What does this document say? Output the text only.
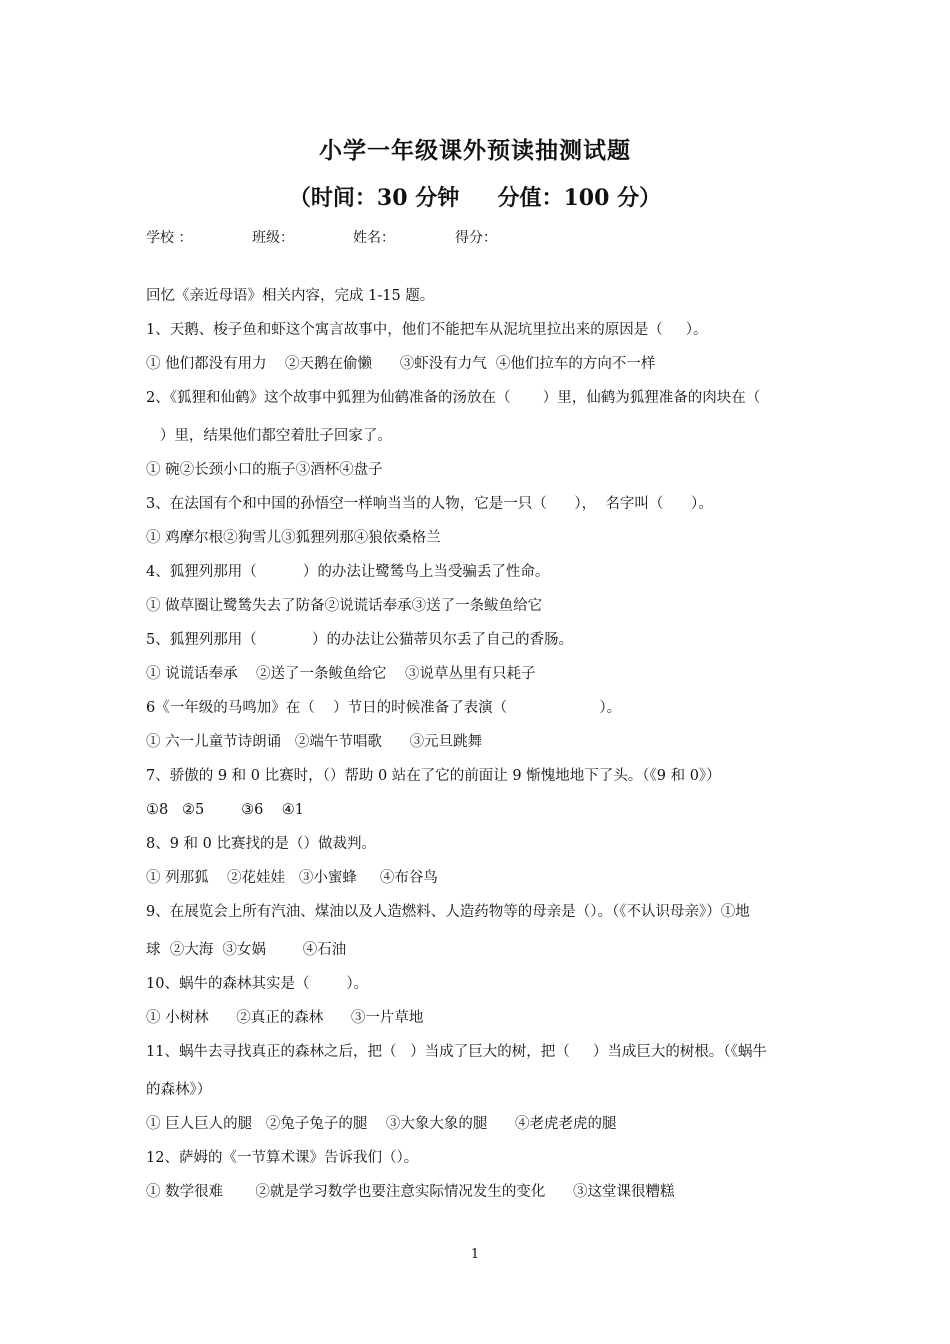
小学一年级课外预读抽测试题
（时间：30 分钟     分值：100 分）
学校 ：	班级：	姓名：	得分：
回忆《亲近母语》相关内容，完成 1-15 题。
1、天鹅、梭子鱼和虾这个寓言故事中，他们不能把车从泥坑里拉出来的原因是（     ）。
① 他们都没有用力    ②天鹅在偷懒      ③虾没有力气  ④他们拉车的方向不一样
2、《狐狸和仙鹤》这个故事中狐狸为仙鹤准备的汤放在（       ）里，仙鹤为狐狸准备的肉块在（
）里，结果他们都空着肚子回家了。
① 碗②长颈小口的瓶子③酒杯④盘子
3、在法国有个和中国的孙悟空一样响当当的人物，它是一只（      ），  名字叫（      ）。
① 鸡摩尔根②狗雪儿③狐狸列那④狼依桑格兰
4、狐狸列那用（          ）的办法让鹭鸶鸟上当受骗丢了性命。
① 做草圈让鹭鸶失去了防备②说谎话奉承③送了一条鲅鱼给它
5、狐狸列那用（            ）的办法让公猫蒂贝尔丢了自己的香肠。
① 说谎话奉承    ②送了一条鲅鱼给它    ③说草丛里有只耗子
6《一年级的马鸣加》在（    ）节日的时候准备了表演（                    ）。
① 六一儿童节诗朗诵   ②端午节唱歌      ③元旦跳舞
7、骄傲的 9 和 0 比赛时，（）帮助 0 站在了它的前面让 9 惭愧地地下了头。（《9 和 0》）
①8   ②5        ③6    ④1
8、9 和 0 比赛找的是（）做裁判。
① 列那狐    ②花娃娃   ③小蜜蜂     ④布谷鸟
9、在展览会上所有汽油、煤油以及人造燃料、人造药物等的母亲是（）。（《不认识母亲》）①地
球  ②大海  ③女娲        ④石油
10、蜗牛的森林其实是（        ）。
① 小树林      ②真正的森林      ③一片草地
11、蜗牛去寻找真正的森林之后，把（   ）当成了巨大的树，把（     ）当成巨大的树根。（《蜗牛
的森林》）
① 巨人巨人的腿   ②兔子兔子的腿    ③大象大象的腿      ④老虎老虎的腿
12、萨姆的《一节算术课》告诉我们（）。
① 数学很难       ②就是学习数学也要注意实际情况发生的变化      ③这堂课很糟糕
1
